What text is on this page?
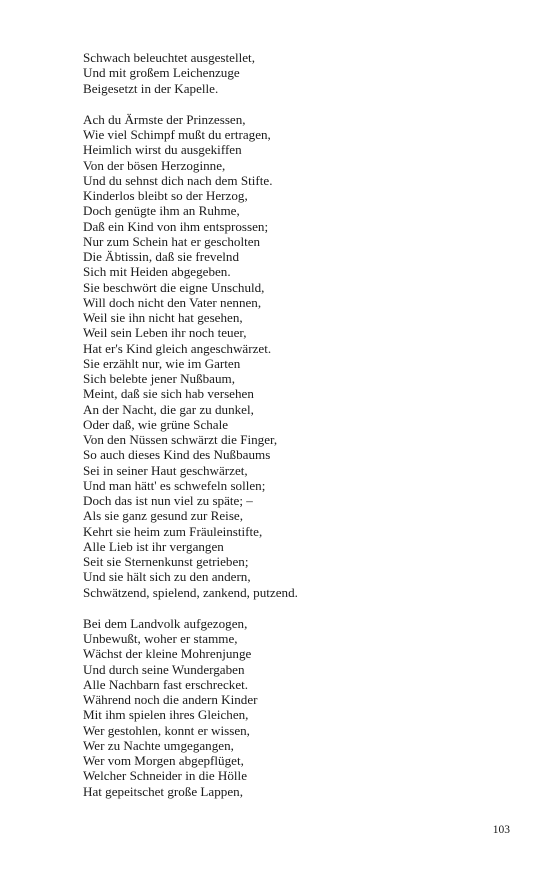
Schwach beleuchtet ausgestellet,
Und mit großem Leichenzuge
Beigesetzt in der Kapelle.
Ach du Ärmste der Prinzessen,
Wie viel Schimpf mußt du ertragen,
Heimlich wirst du ausgekiffen
Von der bösen Herzoginne,
Und du sehnst dich nach dem Stifte.
Kinderlos bleibt so der Herzog,
Doch genügte ihm an Ruhme,
Daß ein Kind von ihm entsprossen;
Nur zum Schein hat er gescholten
Die Äbtissin, daß sie frevelnd
Sich mit Heiden abgegeben.
Sie beschwört die eigne Unschuld,
Will doch nicht den Vater nennen,
Weil sie ihn nicht hat gesehen,
Weil sein Leben ihr noch teuer,
Hat er's Kind gleich angeschwärzet.
Sie erzählt nur, wie im Garten
Sich belebte jener Nußbaum,
Meint, daß sie sich hab versehen
An der Nacht, die gar zu dunkel,
Oder daß, wie grüne Schale
Von den Nüssen schwärzt die Finger,
So auch dieses Kind des Nußbaums
Sei in seiner Haut geschwärzet,
Und man hätt' es schwefeln sollen;
Doch das ist nun viel zu späte; –
Als sie ganz gesund zur Reise,
Kehrt sie heim zum Fräuleinstifte,
Alle Lieb ist ihr vergangen
Seit sie Sternenkunst getrieben;
Und sie hält sich zu den andern,
Schwätzend, spielend, zankend, putzend.
Bei dem Landvolk aufgezogen,
Unbewußt, woher er stamme,
Wächst der kleine Mohrenjunge
Und durch seine Wundergaben
Alle Nachbarn fast erschrecket.
Während noch die andern Kinder
Mit ihm spielen ihres Gleichen,
Wer gestohlen, konnt er wissen,
Wer zu Nachte umgegangen,
Wer vom Morgen abgepflüget,
Welcher Schneider in die Hölle
Hat gepeitschet große Lappen,
103
